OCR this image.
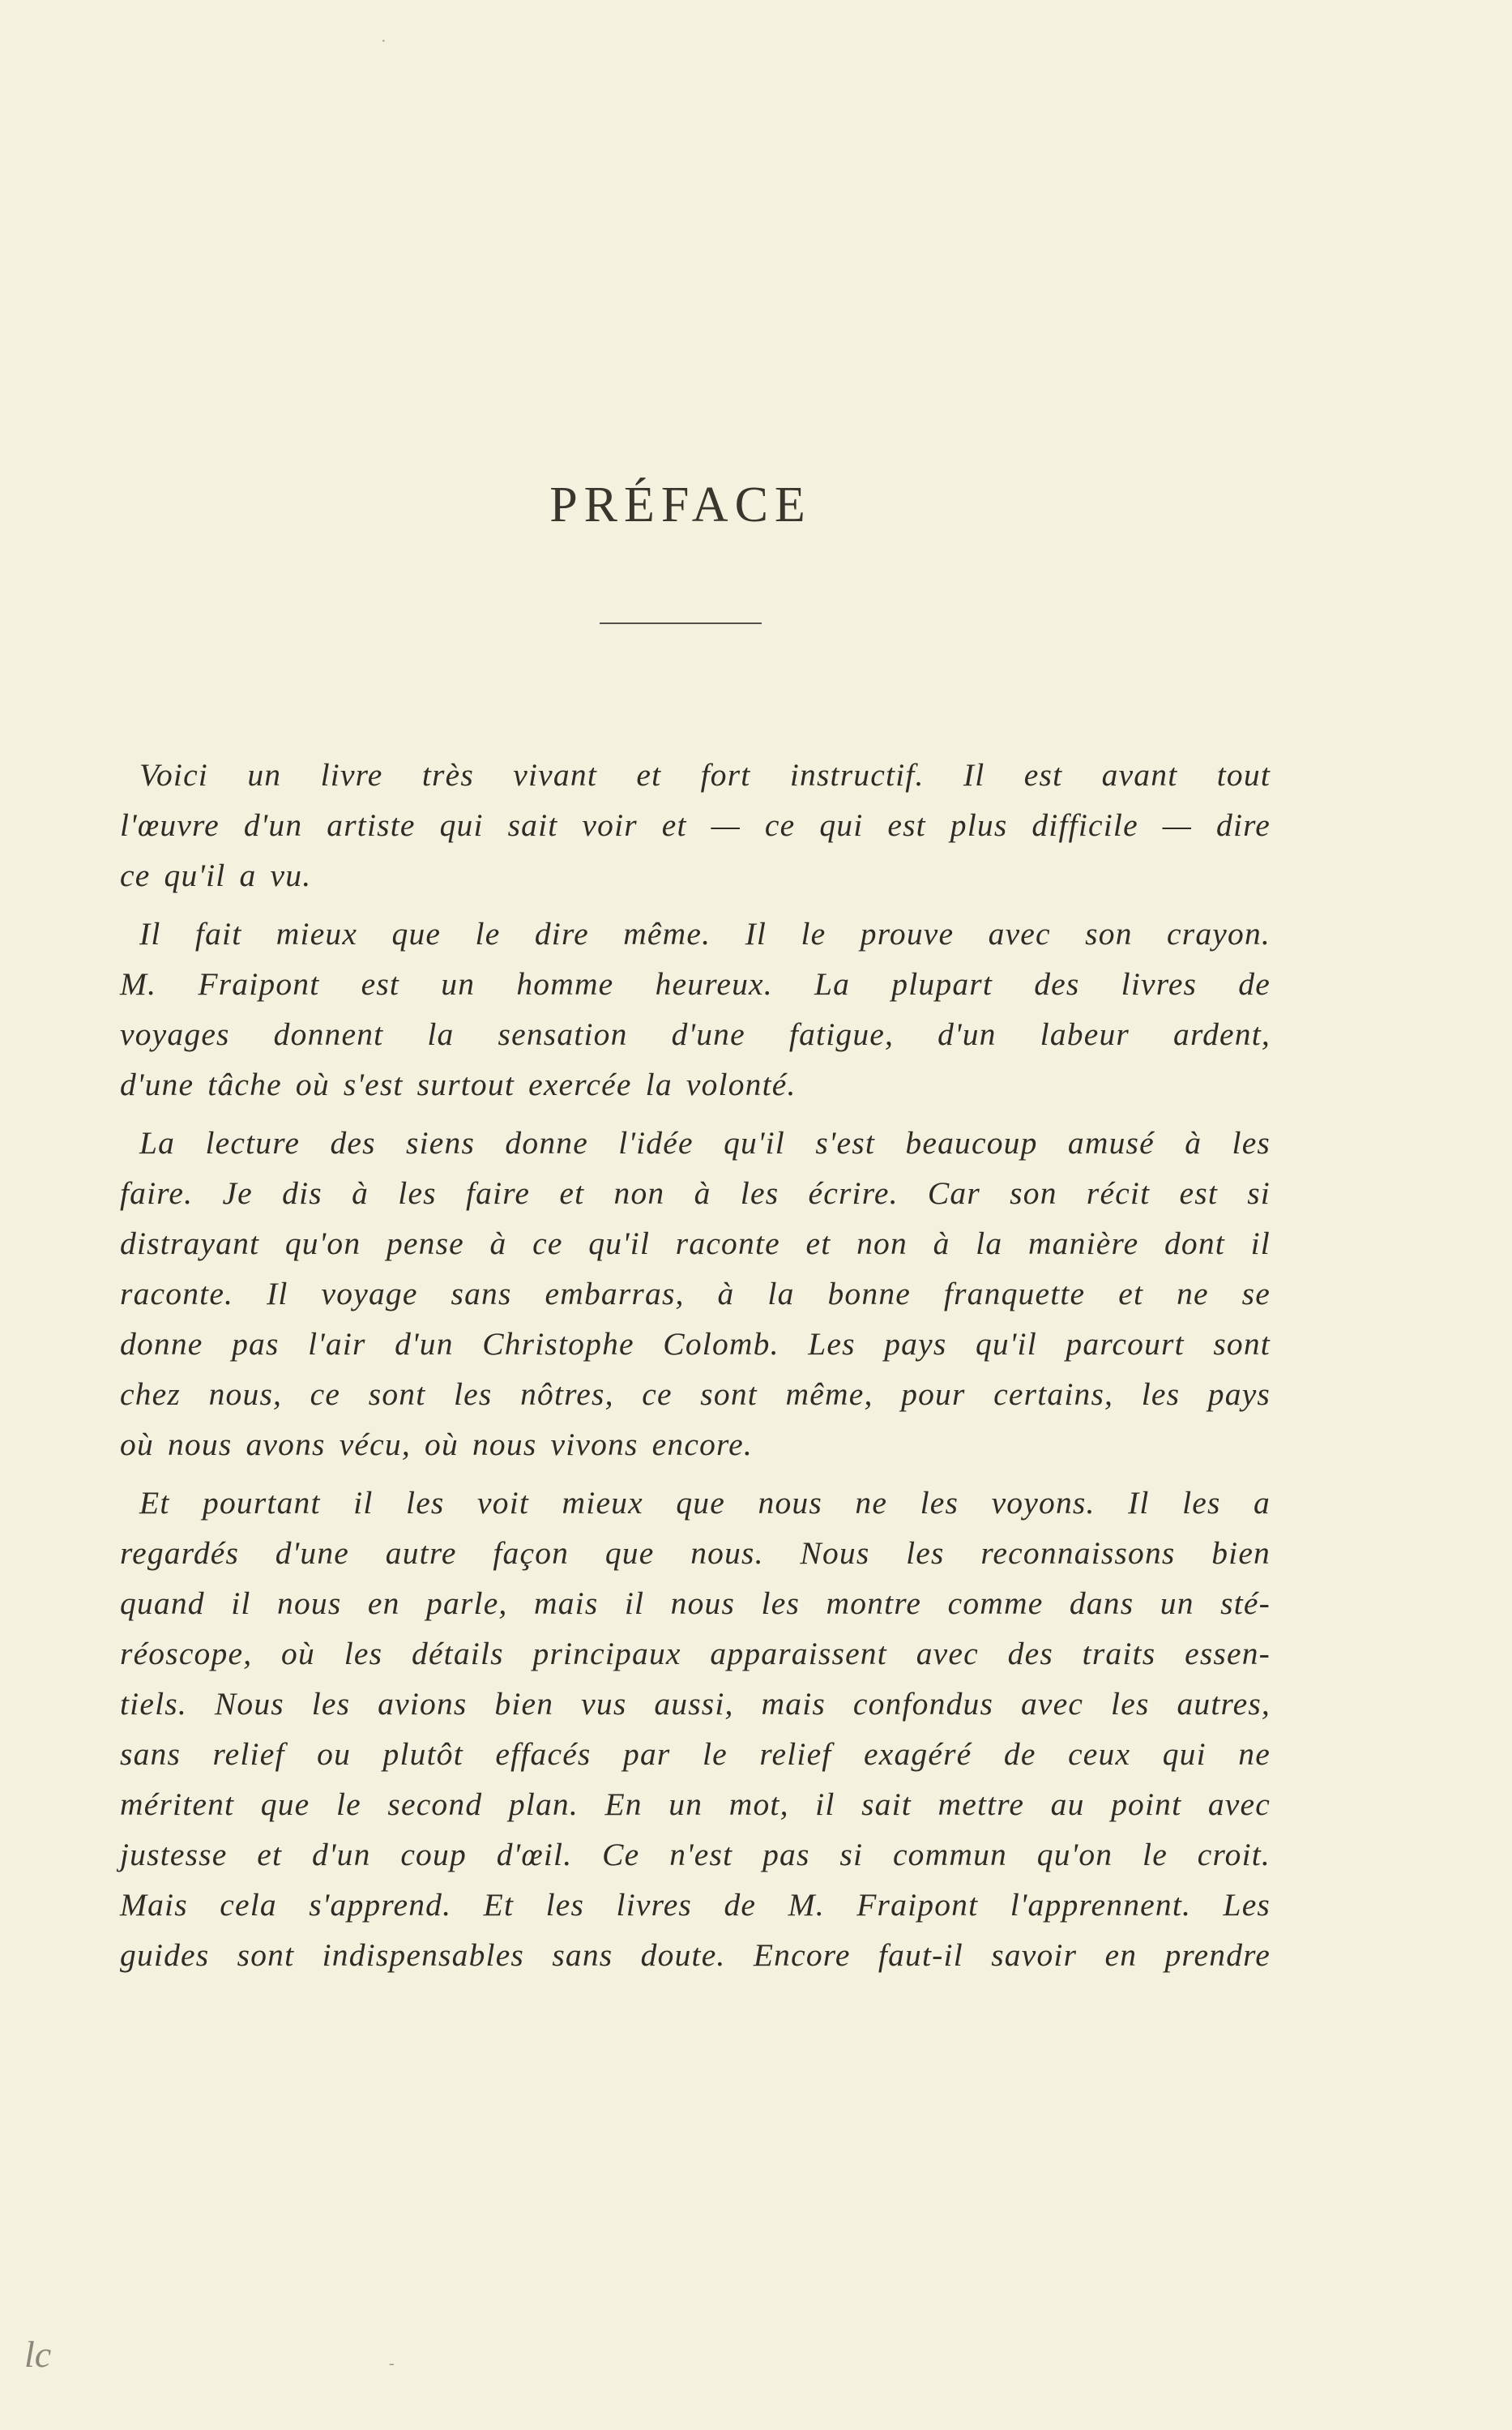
PRÉFACE
Voici un livre très vivant et fort instructif. Il est avant tout
l'œuvre d'un artiste qui sait voir et — ce qui est plus difficile — dire
ce qu'il a vu.
Il fait mieux que le dire même. Il le prouve avec son crayon.
M. Fraipont est un homme heureux. La plupart des livres de
voyages donnent la sensation d'une fatigue, d'un labeur ardent,
d'une tâche où s'est surtout exercée la volonté.
La lecture des siens donne l'idée qu'il s'est beaucoup amusé à les
faire. Je dis à les faire et non à les écrire. Car son récit est si
distrayant qu'on pense à ce qu'il raconte et non à la manière dont il
raconte. Il voyage sans embarras, à la bonne franquette et ne se
donne pas l'air d'un Christophe Colomb. Les pays qu'il parcourt sont
chez nous, ce sont les nôtres, ce sont même, pour certains, les pays
où nous avons vécu, où nous vivons encore.
Et pourtant il les voit mieux que nous ne les voyons. Il les a
regardés d'une autre façon que nous. Nous les reconnaissons bien
quand il nous en parle, mais il nous les montre comme dans un sté-
réoscope, où les détails principaux apparaissent avec des traits essen-
tiels. Nous les avions bien vus aussi, mais confondus avec les autres,
sans relief ou plutôt effacés par le relief exagéré de ceux qui ne
méritent que le second plan. En un mot, il sait mettre au point avec
justesse et d'un coup d'œil. Ce n'est pas si commun qu'on le croit.
Mais cela s'apprend. Et les livres de M. Fraipont l'apprennent. Les
guides sont indispensables sans doute. Encore faut-il savoir en prendre
lc
·
-
